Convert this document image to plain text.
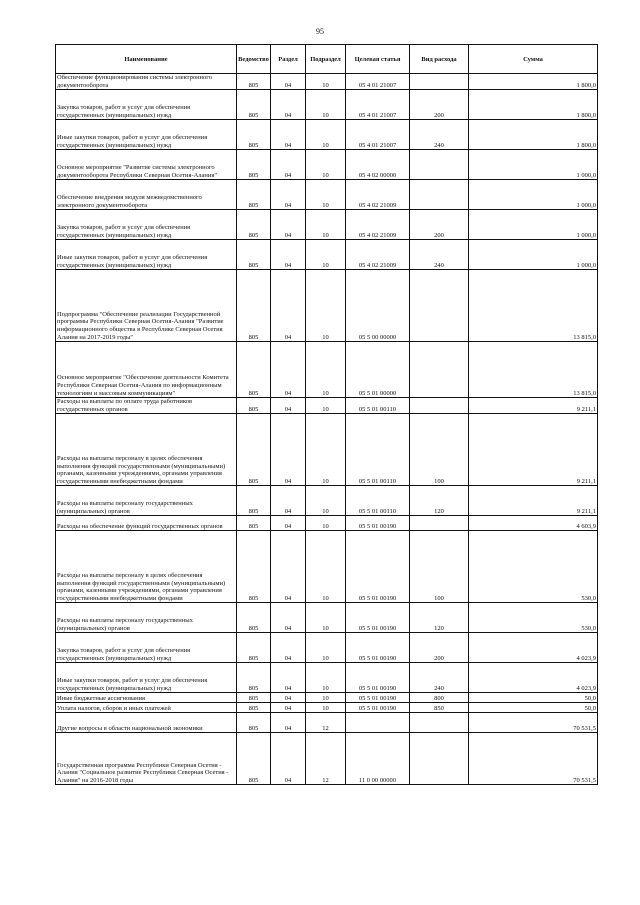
95
Наименование	Ведомство	Раздел	Подраздел	Целевая статья	Вид расхода	Сумма
Обеспечение функционирования системы электронного документооборота	805	04	10	05 4 01 21007		1 800,0
Закупка товаров, работ и услуг для обеспечения государственных (муниципальных) нужд	805	04	10	05 4 01 21007	200	1 800,0
Иные закупки товаров, работ и услуг для обеспечения государственных (муниципальных) нужд	805	04	10	05 4 01 21007	240	1 800,0
Основное мероприятие "Развитие системы электронного документооборота Республики Северная Осетия-Алания"	805	04	10	05 4 02 00000		1 000,0
Обеспечение внедрения модуля межведомственного электронного документооборота	805	04	10	05 4 02 21009		1 000,0
Закупка товаров, работ и услуг для обеспечения государственных (муниципальных) нужд	805	04	10	05 4 02 21009	200	1 000,0
Иные закупки товаров, работ и услуг для обеспечения государственных (муниципальных) нужд	805	04	10	05 4 02 21009	240	1 000,0
Подпрограмма "Обеспечение реализации Государственной программы Республики Северная Осетия-Алания "Развитие информационного общества в Республике Северная Осетия Алания на 2017-2019 годы"	805	04	10	05 5 00 00000		13 815,0
Основное мероприятие "Обеспечение деятельности Комитета Республики Северная Осетия-Алания по информационным технологиям и массовым коммуникациям"	805	04	10	05 5 01 00000		13 815,0
Расходы на выплаты по оплате труда работников государственных органов	805	04	10	05 5 01 00110		9 211,1
Расходы на выплаты персоналу в целях обеспечения выполнения функций государственными (муниципальными) органами, казенными учреждениями, органами управления государственными внебюджетными фондами	805	04	10	05 5 01 00110	100	9 211,1
Расходы на выплаты персоналу государственных (муниципальных) органов	805	04	10	05 5 01 00110	120	9 211,1
Расходы на обеспечение функций государственных органов	805	04	10	05 5 01 00190		4 603,9
Расходы на выплаты персоналу в целях обеспечения выполнения функций государственными (муниципальными) органами, казенными учреждениями, органами управления государственными внебюджетными фондами	805	04	10	05 5 01 00190	100	530,0
Расходы на выплаты персоналу государственных (муниципальных) органов	805	04	10	05 5 01 00190	120	530,0
Закупка товаров, работ и услуг для обеспечения государственных (муниципальных) нужд	805	04	10	05 5 01 00190	200	4 023,9
Иные закупки товаров, работ и услуг для обеспечения государственных (муниципальных) нужд	805	04	10	05 5 01 00190	240	4 023,9
Иные бюджетные ассигнования	805	04	10	05 5 01 00190	800	50,0
Уплата налогов, сборов и иных платежей	805	04	10	05 5 01 00190	850	50,0
Другие вопросы в области национальной экономики	805	04	12			70 531,5
Государственная программа Республики Северная Осетия - Алания "Социальное развитие Республики Северная Осетия - Алания" на 2016-2018 годы	805	04	12	11 0 00 00000		70 531,5
